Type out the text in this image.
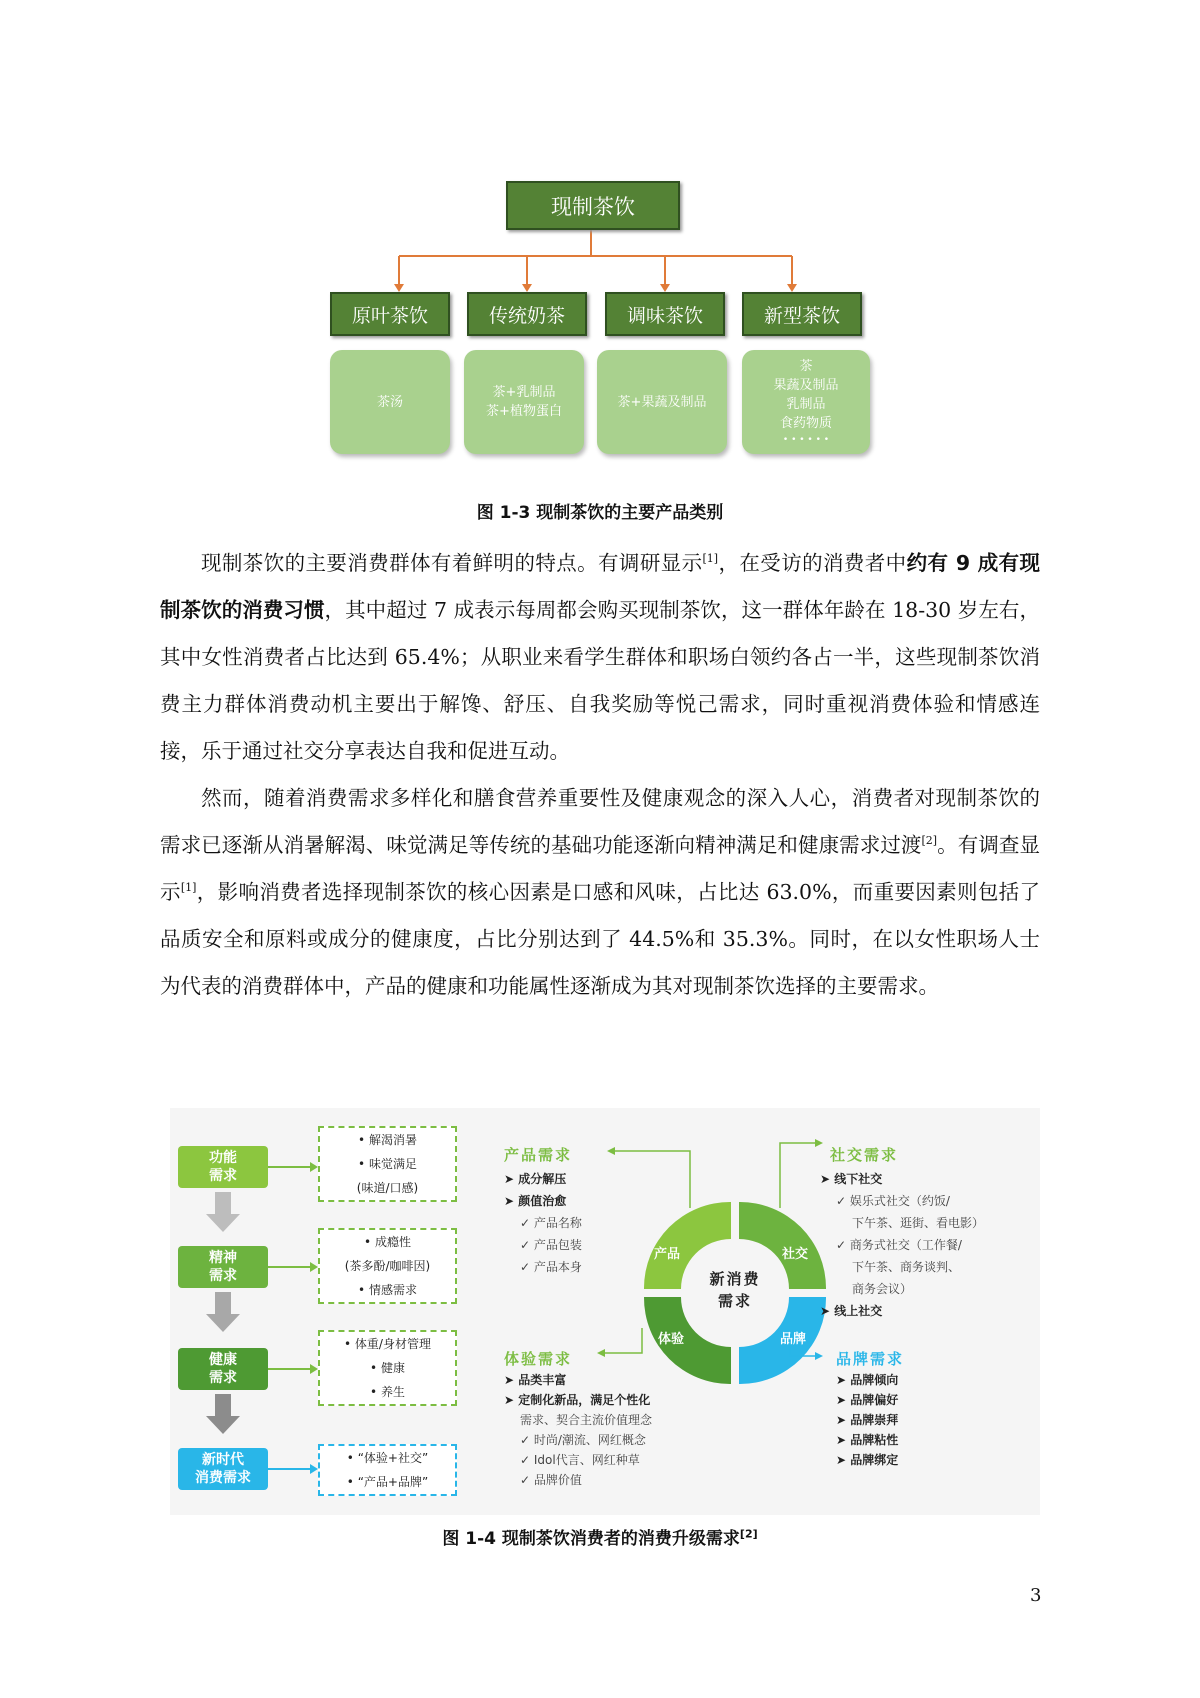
现制茶饮
原叶茶饮	传统奶茶	调味茶饮	新型茶饮
茶汤
茶+乳制品
茶+植物蛋白
茶+果蔬及制品
茶
果蔬及制品
乳制品
食药物质
• • • • • •
图 1-3 现制茶饮的主要产品类别

现制茶饮的主要消费群体有着鲜明的特点。有调研显示[1]，在受访的消费者中约有 9 成有现制茶饮的消费习惯，其中超过 7 成表示每周都会购买现制茶饮，这一群体年龄在 18-30 岁左右，其中女性消费者占比达到 65.4%；从职业来看学生群体和职场白领约各占一半，这些现制茶饮消费主力群体消费动机主要出于解馋、舒压、自我奖励等悦己需求，同时重视消费体验和情感连接，乐于通过社交分享表达自我和促进互动。

然而，随着消费需求多样化和膳食营养重要性及健康观念的深入人心，消费者对现制茶饮的需求已逐渐从消暑解渴、味觉满足等传统的基础功能逐渐向精神满足和健康需求过渡[2]。有调查显示[1]，影响消费者选择现制茶饮的核心因素是口感和风味，占比达 63.0%，而重要因素则包括了品质安全和原料或成分的健康度，占比分别达到了 44.5%和 35.3%。同时，在以女性职场人士为代表的消费群体中，产品的健康和功能属性逐渐成为其对现制茶饮选择的主要需求。

功能
需求
精神
需求
健康
需求
新时代
消费需求
• 解渴消暑
• 味觉满足
(味道/口感)
• 成瘾性
(茶多酚/咖啡因)
• 情感需求
• 体重/身材管理
• 健康
• 养生
• “体验+社交”
• “产品+品牌”
产品	社交
体验	品牌
新消费
需求
产品需求
➤ 成分解压
➤ 颜值治愈
✓ 产品名称
✓ 产品包装
✓ 产品本身
社交需求
➤ 线下社交
✓ 娱乐式社交（约饭/
下午茶、逛街、看电影）
✓ 商务式社交（工作餐/
下午茶、商务谈判、
商务会议）
➤ 线上社交
体验需求
➤ 品类丰富
➤ 定制化新品，满足个性化
需求、契合主流价值理念
✓ 时尚/潮流、网红概念
✓ Idol代言、网红种草
✓ 品牌价值
品牌需求
➤ 品牌倾向
➤ 品牌偏好
➤ 品牌崇拜
➤ 品牌粘性
➤ 品牌绑定
图 1-4 现制茶饮消费者的消费升级需求[2]
3
